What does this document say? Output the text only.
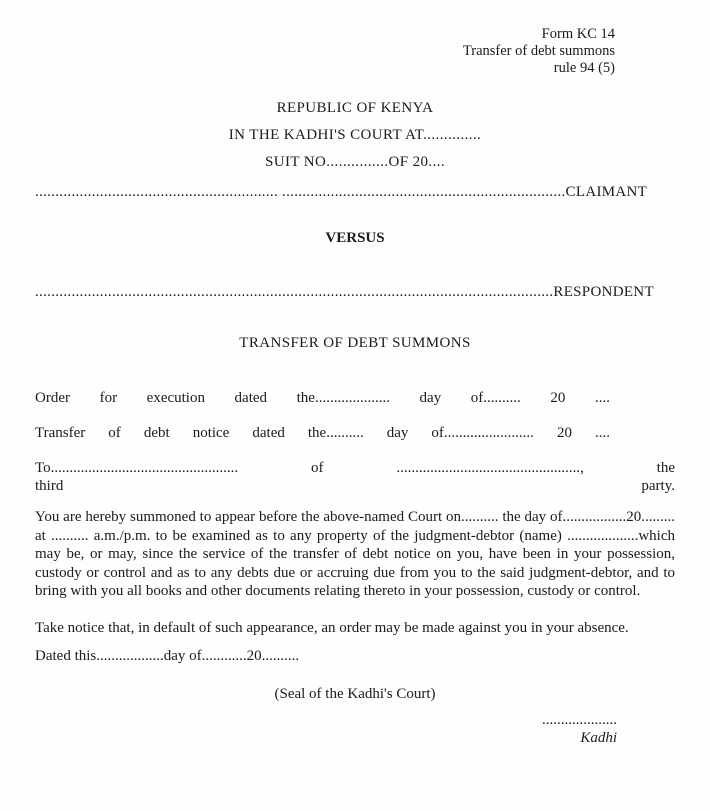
Form KC 14
Transfer of debt summons
rule 94 (5)
REPUBLIC OF KENYA
IN THE KADHI'S COURT AT..............
SUIT NO...............OF 20....
............................................................ ......................................................................CLAIMANT
VERSUS
................................................................................................................................RESPONDENT
TRANSFER OF DEBT SUMMONS
Order for execution dated the.................... day of.......... 20 ....
Transfer of debt notice dated the.......... day of........................ 20 ....
To.................................................. of ................................................., the
third party.
You are hereby summoned to appear before the above-named Court on.......... the day of.................20......... at .......... a.m./p.m. to be examined as to any property of the judgment-debtor (name) ...................which may be, or may, since the service of the transfer of debt notice on you, have been in your possession, custody or control and as to any debts due or accruing due from you to the said judgment-debtor, and to bring with you all books and other documents relating thereto in your possession, custody or control.
Take notice that, in default of such appearance, an order may be made against you in your absence.
Dated this..................day of............20..........
(Seal of the Kadhi's Court)
....................
Kadhi
